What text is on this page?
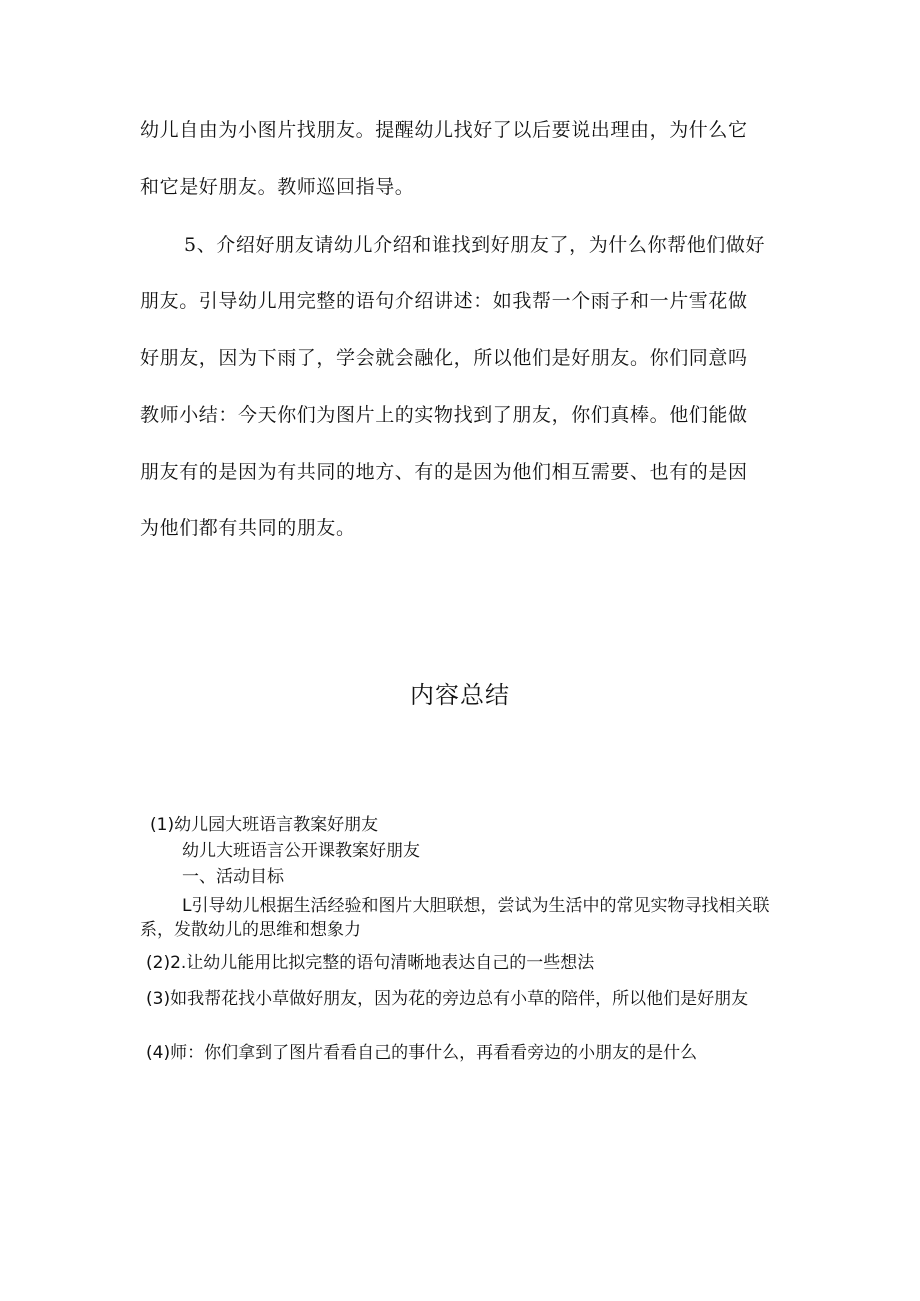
幼儿自由为小图片找朋友。提醒幼儿找好了以后要说出理由，为什么它
和它是好朋友。教师巡回指导。
5、介绍好朋友请幼儿介绍和谁找到好朋友了，为什么你帮他们做好
朋友。引导幼儿用完整的语句介绍讲述：如我帮一个雨子和一片雪花做
好朋友，因为下雨了，学会就会融化，所以他们是好朋友。你们同意吗
教师小结：今天你们为图片上的实物找到了朋友，你们真棒。他们能做
朋友有的是因为有共同的地方、有的是因为他们相互需要、也有的是因
为他们都有共同的朋友。
内容总结
(1)幼儿园大班语言教案好朋友
幼儿大班语言公开课教案好朋友
一、活动目标
L引导幼儿根据生活经验和图片大胆联想，尝试为生活中的常见实物寻找相关联系，发散幼儿的思维和想象力
(2)2.让幼儿能用比拟完整的语句清晰地表达自己的一些想法
(3)如我帮花找小草做好朋友，因为花的旁边总有小草的陪伴，所以他们是好朋友
(4)师：你们拿到了图片看看自己的事什么，再看看旁边的小朋友的是什么
